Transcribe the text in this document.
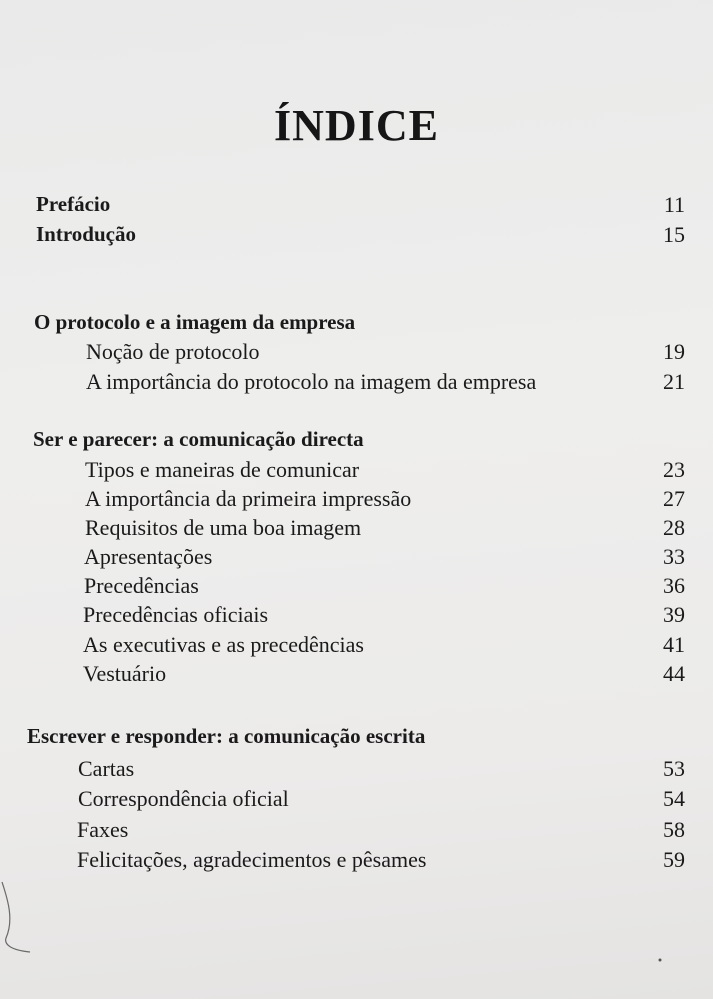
ÍNDICE
Prefácio	11
Introdução	15
O protocolo e a imagem da empresa
Noção de protocolo	19
A importância do protocolo na imagem da empresa	21
Ser e parecer: a comunicação directa
Tipos e maneiras de comunicar	23
A importância da primeira impressão	27
Requisitos de uma boa imagem	28
Apresentações	33
Precedências	36
Precedências oficiais	39
As executivas e as precedências	41
Vestuário	44
Escrever e responder: a comunicação escrita
Cartas	53
Correspondência oficial	54
Faxes	58
Felicitações, agradecimentos e pêsames	59
